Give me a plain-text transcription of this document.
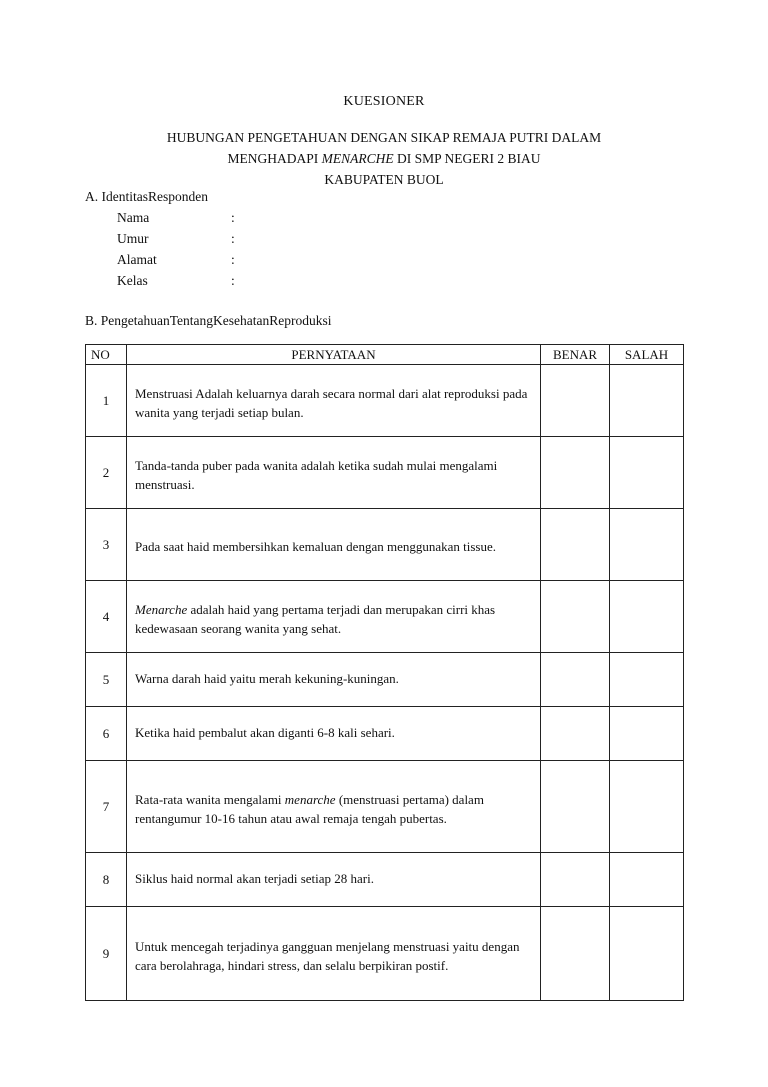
KUESIONER
HUBUNGAN PENGETAHUAN DENGAN SIKAP REMAJA PUTRI DALAM
MENGHADAPI MENARCHE DI SMP NEGERI 2 BIAU
KABUPATEN BUOL
A. IdentitasResponden
Nama	:
Umur	:
Alamat	:
Kelas	:
B. PengetahuanTentangKesehatanReproduksi
NO	PERNYATAAN	BENAR	SALAH
1	Menstruasi Adalah keluarnya darah secara normal dari alat reproduksi pada wanita yang terjadi setiap bulan.		

2	Tanda-tanda puber pada wanita adalah ketika sudah mulai mengalami menstruasi.		

3	Pada saat haid membersihkan kemaluan dengan menggunakan tissue.		

4	Menarche adalah haid yang pertama terjadi dan merupakan cirri khas kedewasaan seorang wanita yang sehat.		

5	Warna darah haid yaitu merah kekuning-kuningan.		
6	Ketika haid pembalut akan diganti 6-8 kali sehari.		
7	Rata-rata wanita mengalami menarche (menstruasi pertama) dalam rentangumur 10-16 tahun atau awal remaja tengah pubertas.		

8	Siklus haid normal akan terjadi setiap 28 hari.		
9	Untuk mencegah terjadinya gangguan menjelang menstruasi yaitu dengan cara berolahraga, hindari stress, dan selalu berpikiran postif.		
